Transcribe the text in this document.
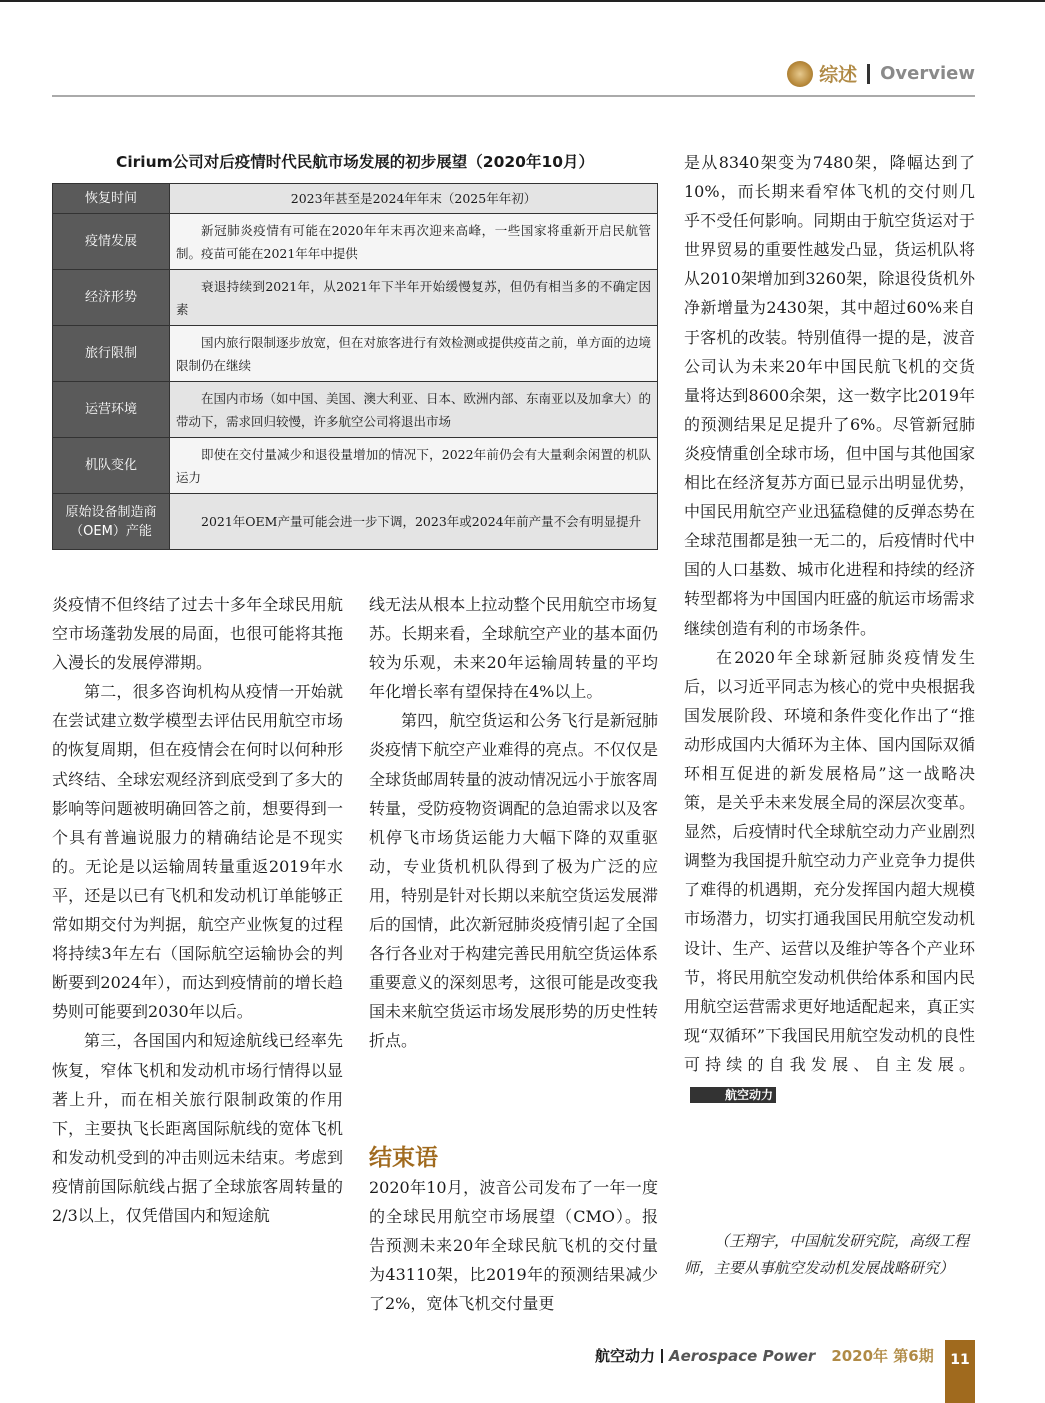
综述 Overview
Cirium公司对后疫情时代民航市场发展的初步展望（2020年10月）
恢复时间	2023年甚至是2024年年末（2025年年初）
疫情发展	新冠肺炎疫情有可能在2020年年末再次迎来高峰，一些国家将重新开启民航管制。疫苗可能在2021年年中提供
经济形势	衰退持续到2021年，从2021年下半年开始缓慢复苏，但仍有相当多的不确定因素
旅行限制	国内旅行限制逐步放宽，但在对旅客进行有效检测或提供疫苗之前，单方面的边境限制仍在继续
运营环境	在国内市场（如中国、美国、澳大利亚、日本、欧洲内部、东南亚以及加拿大）的带动下，需求回归较慢，许多航空公司将退出市场
机队变化	即使在交付量减少和退役量增加的情况下，2022年前仍会有大量剩余闲置的机队运力
原始设备制造商（OEM）产能	2021年OEM产量可能会进一步下调，2023年或2024年前产量不会有明显提升

炎疫情不但终结了过去十多年全球民用航空市场蓬勃发展的局面，也很可能将其拖入漫长的发展停滞期。

第二，很多咨询机构从疫情一开始就在尝试建立数学模型去评估民用航空市场的恢复周期，但在疫情会在何时以何种形式终结、全球宏观经济到底受到了多大的影响等问题被明确回答之前，想要得到一个具有普遍说服力的精确结论是不现实的。无论是以运输周转量重返2019年水平，还是以已有飞机和发动机订单能够正常如期交付为判据，航空产业恢复的过程将持续3年左右（国际航空运输协会的判断要到2024年），而达到疫情前的增长趋势则可能要到2030年以后。

第三，各国国内和短途航线已经率先恢复，窄体飞机和发动机市场行情得以显著上升，而在相关旅行限制政策的作用下，主要执飞长距离国际航线的宽体飞机和发动机受到的冲击则远未结束。考虑到疫情前国际航线占据了全球旅客周转量的2/3以上，仅凭借国内和短途航

线无法从根本上拉动整个民用航空市场复苏。长期来看，全球航空产业的基本面仍较为乐观，未来20年运输周转量的平均年化增长率有望保持在4%以上。

第四，航空货运和公务飞行是新冠肺炎疫情下航空产业难得的亮点。不仅仅是全球货邮周转量的波动情况远小于旅客周转量，受防疫物资调配的急迫需求以及客机停飞市场货运能力大幅下降的双重驱动，专业货机机队得到了极为广泛的应用，特别是针对长期以来航空货运发展滞后的国情，此次新冠肺炎疫情引起了全国各行各业对于构建完善民用航空货运体系重要意义的深刻思考，这很可能是改变我国未来航空货运市场发展形势的历史性转折点。

结束语

2020年10月，波音公司发布了一年一度的全球民用航空市场展望（CMO）。报告预测未来20年全球民航飞机的交付量为43110架，比2019年的预测结果减少了2%，宽体飞机交付量更

是从8340架变为7480架，降幅达到了10%，而长期来看窄体飞机的交付则几乎不受任何影响。同期由于航空货运对于世界贸易的重要性越发凸显，货运机队将从2010架增加到3260架，除退役货机外净新增量为2430架，其中超过60%来自于客机的改装。特别值得一提的是，波音公司认为未来20年中国民航飞机的交货量将达到8600余架，这一数字比2019年的预测结果足足提升了6%。尽管新冠肺炎疫情重创全球市场，但中国与其他国家相比在经济复苏方面已显示出明显优势，中国民用航空产业迅猛稳健的反弹态势在全球范围都是独一无二的，后疫情时代中国的人口基数、城市化进程和持续的经济转型都将为中国国内旺盛的航运市场需求继续创造有利的市场条件。

在2020年全球新冠肺炎疫情发生后，以习近平同志为核心的党中央根据我国发展阶段、环境和条件变化作出了“推动形成国内大循环为主体、国内国际双循环相互促进的新发展格局”这一战略决策，是关乎未来发展全局的深层次变革。显然，后疫情时代全球航空动力产业剧烈调整为我国提升航空动力产业竞争力提供了难得的机遇期，充分发挥国内超大规模市场潜力，切实打通我国民用航空发动机设计、生产、运营以及维护等各个产业环节，将民用航空发动机供给体系和国内民用航空运营需求更好地适配起来，真正实现“双循环”下我国民用航空发动机的良性可持续的自我发展、自主发展。航空动力

（王翔宇，中国航发研究院，高级工程师，主要从事航空发动机发展战略研究）
航空动力 Aerospace Power 2020年 第6期	11
